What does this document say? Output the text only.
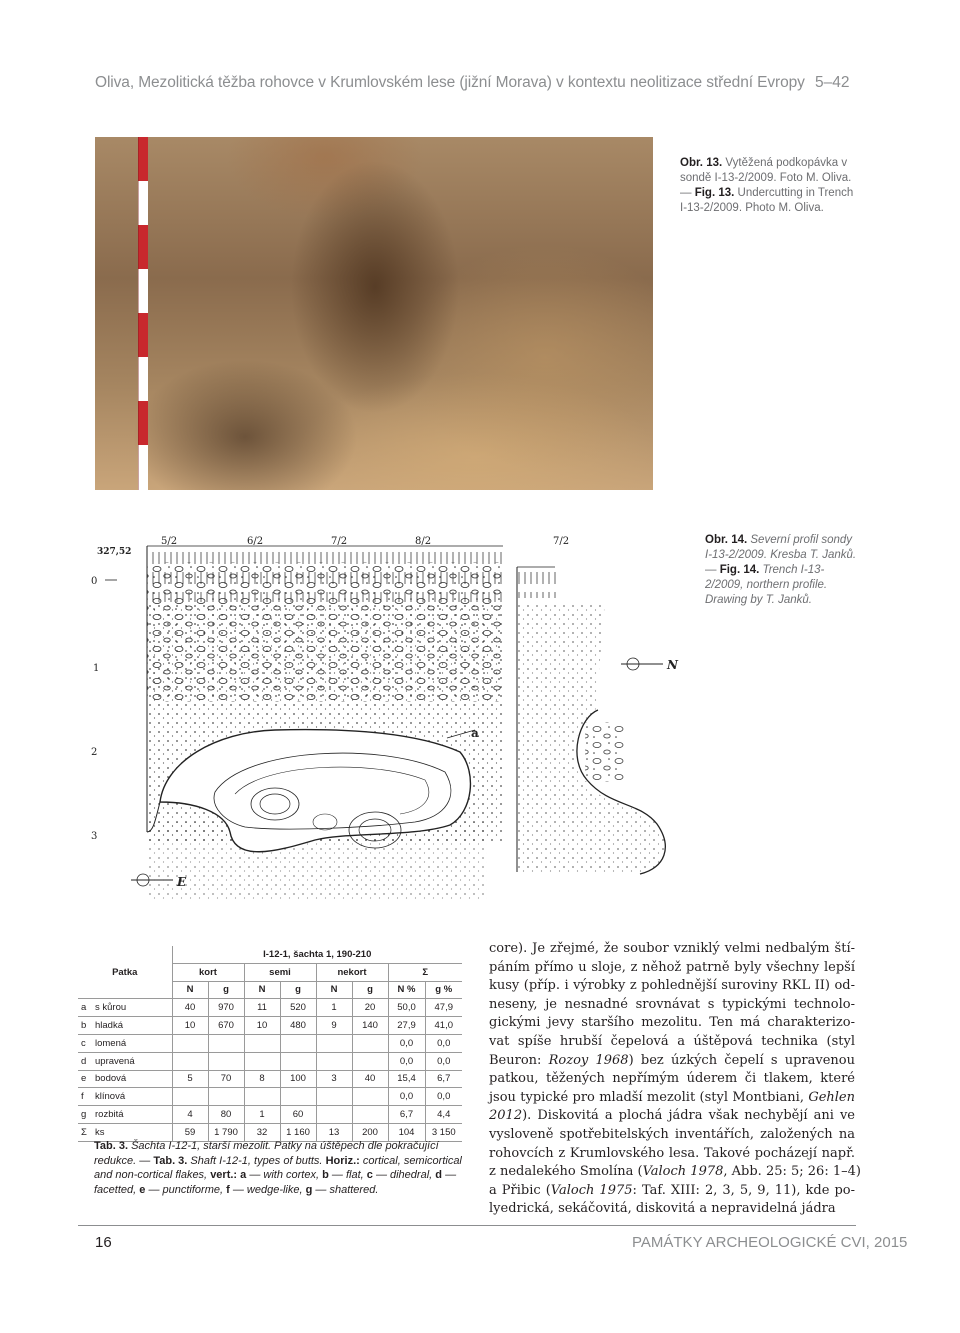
Oliva, Mezolitická těžba rohovce v Krumlovském lese (jižní Morava) v kontextu neolitizace střední Evropy 5–42
Obr. 13. Vytěžená podkopávka v sondě I-13-2/2009. Foto M. Oliva. — Fig. 13. Undercutting in Trench I-13-2/2009. Photo M. Oliva.
327,52
0
1
2
3
5/2	6/2	7/2	8/2	7/2
a
N
E
Obr. 14. Severní profil sondy I-13-2/2009. Kresba T. Janků. — Fig. 14. Trench I-13-2/2009, northern profile. Drawing by T. Janků.
		I-12-1, šachta 1, 190-210							
Patka		kort		semi		nekort		Σ	
		N	g	N	g	N	g	N %	g %
a	s kůrou	40	970	11	520	1	20	50,0	47,9
b	hladká	10	670	10	480	9	140	27,9	41,0
c	lomená							0,0	0,0
d	upravená							0,0	0,0
e	bodová	5	70	8	100	3	40	15,4	6,7
f	klínová							0,0	0,0
g	rozbitá	4	80	1	60			6,7	4,4
Σ	ks	59	1 790	32	1 160	13	200	104	3 150
Tab. 3. Šachta I-12-1, starší mezolit. Patky na úštěpech dle pokračující redukce. — Tab. 3. Shaft I-12-1, types of butts. Horiz.: cortical, semicortical and non-cortical flakes, vert.: a — with cortex, b — flat, c — dihedral, d — facetted, e — punctiforme, f — wedge-like, g — shattered.
core). Je zřejmé, že soubor vzniklý velmi nedbalým ští-
páním přímo u sloje, z něhož patrně byly všechny lepší
kusy (příp. i výrobky z pohlednější suroviny RKL II) od-
neseny, je nesnadné srovnávat s typickými technolo-
gickými jevy staršího mezolitu. Ten má charakterizo-
vat spíše hrubší čepelová a úštěpová technika (styl
Beuron: Rozoy 1968) bez úzkých čepelí s upravenou
patkou, těžených nepřímým úderem či tlakem, které
jsou typické pro mladší mezolit (styl Montbiani, Gehlen
2012). Diskovitá a plochá jádra však nechybějí ani ve
vysloveně spotřebitelských inventářích, založených na
rohovcích z Krumlovského lesa. Takové pocházejí např.
z nedalekého Smolína (Valoch 1978, Abb. 25: 5; 26: 1–4)
a Přibic (Valoch 1975: Taf. XIII: 2, 3, 5, 9, 11), kde po-
lyedrická, sekáčovitá, diskovitá a nepravidelná jádra
16	PAMÁTKY ARCHEOLOGICKÉ CVI, 2015
